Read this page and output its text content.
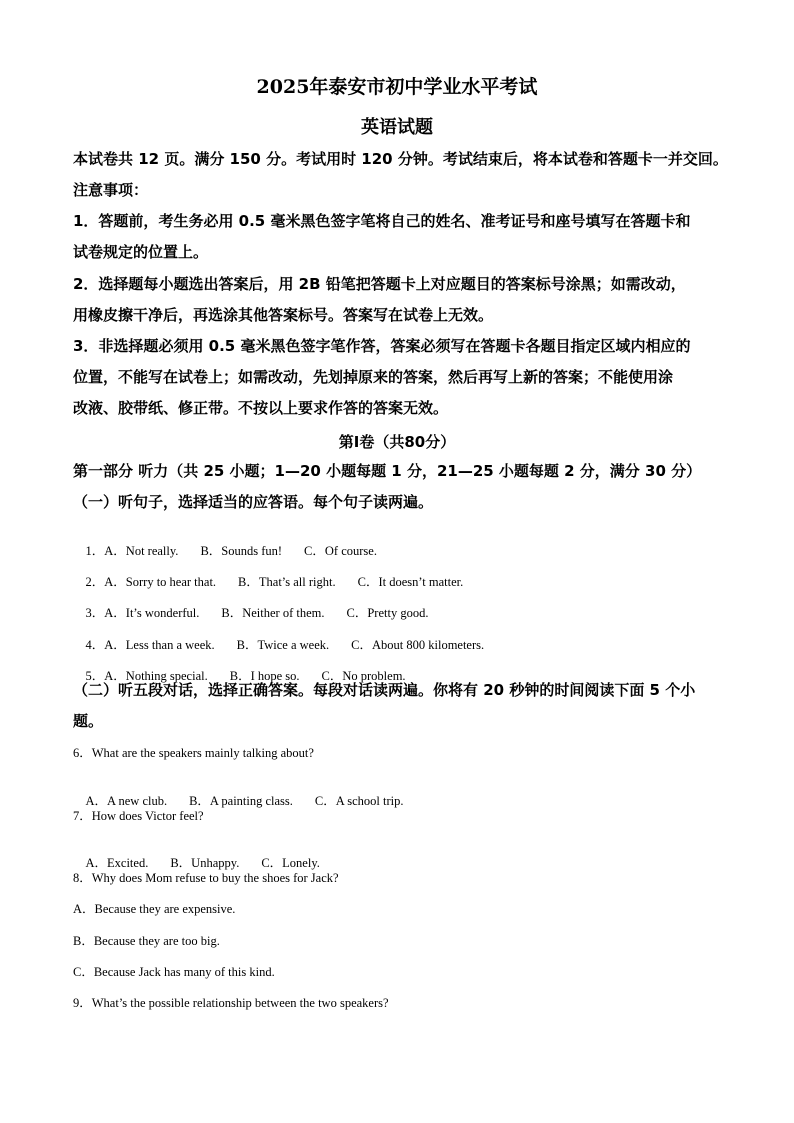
2025年泰安市初中学业水平考试
英语试题
本试卷共 12 页。满分 150 分。考试用时 120 分钟。考试结束后，将本试卷和答题卡一并交回。
注意事项：
1．答题前，考生务必用 0.5 毫米黑色签字笔将自己的姓名、准考证号和座号填写在答题卡和
试卷规定的位置上。
2．选择题每小题选出答案后，用 2B 铅笔把答题卡上对应题目的答案标号涂黑；如需改动，
用橡皮擦干净后，再选涂其他答案标号。答案写在试卷上无效。
3．非选择题必须用 0.5 毫米黑色签字笔作答，答案必须写在答题卡各题目指定区域内相应的
位置，不能写在试卷上；如需改动，先划掉原来的答案，然后再写上新的答案；不能使用涂
改液、胶带纸、修正带。不按以上要求作答的答案无效。
第Ⅰ卷（共80分）
第一部分 听力（共 25 小题；1—20 小题每题 1 分，21—25 小题每题 2 分，满分 30 分）
（一）听句子，选择适当的应答语。每个句子读两遍。

1．A．Not really. B．Sounds fun! C．Of course.

2．A．Sorry to hear that. B．That’s all right. C．It doesn’t matter.

3．A．It’s wonderful. B．Neither of them. C．Pretty good.

4．A．Less than a week. B．Twice a week. C．About 800 kilometers.

5．A．Nothing special. B．I hope so. C．No problem.

（二）听五段对话，选择正确答案。每段对话读两遍。你将有 20 秒钟的时间阅读下面 5 个小
题。
6．What are the speakers mainly talking about?

A．A new club. B．A painting class. C．A school trip.

7．How does Victor feel?

A．Excited. B．Unhappy. C．Lonely.

8．Why does Mom refuse to buy the shoes for Jack?
A．Because they are expensive.
B．Because they are too big.
C．Because Jack has many of this kind.
9．What’s the possible relationship between the two speakers?
